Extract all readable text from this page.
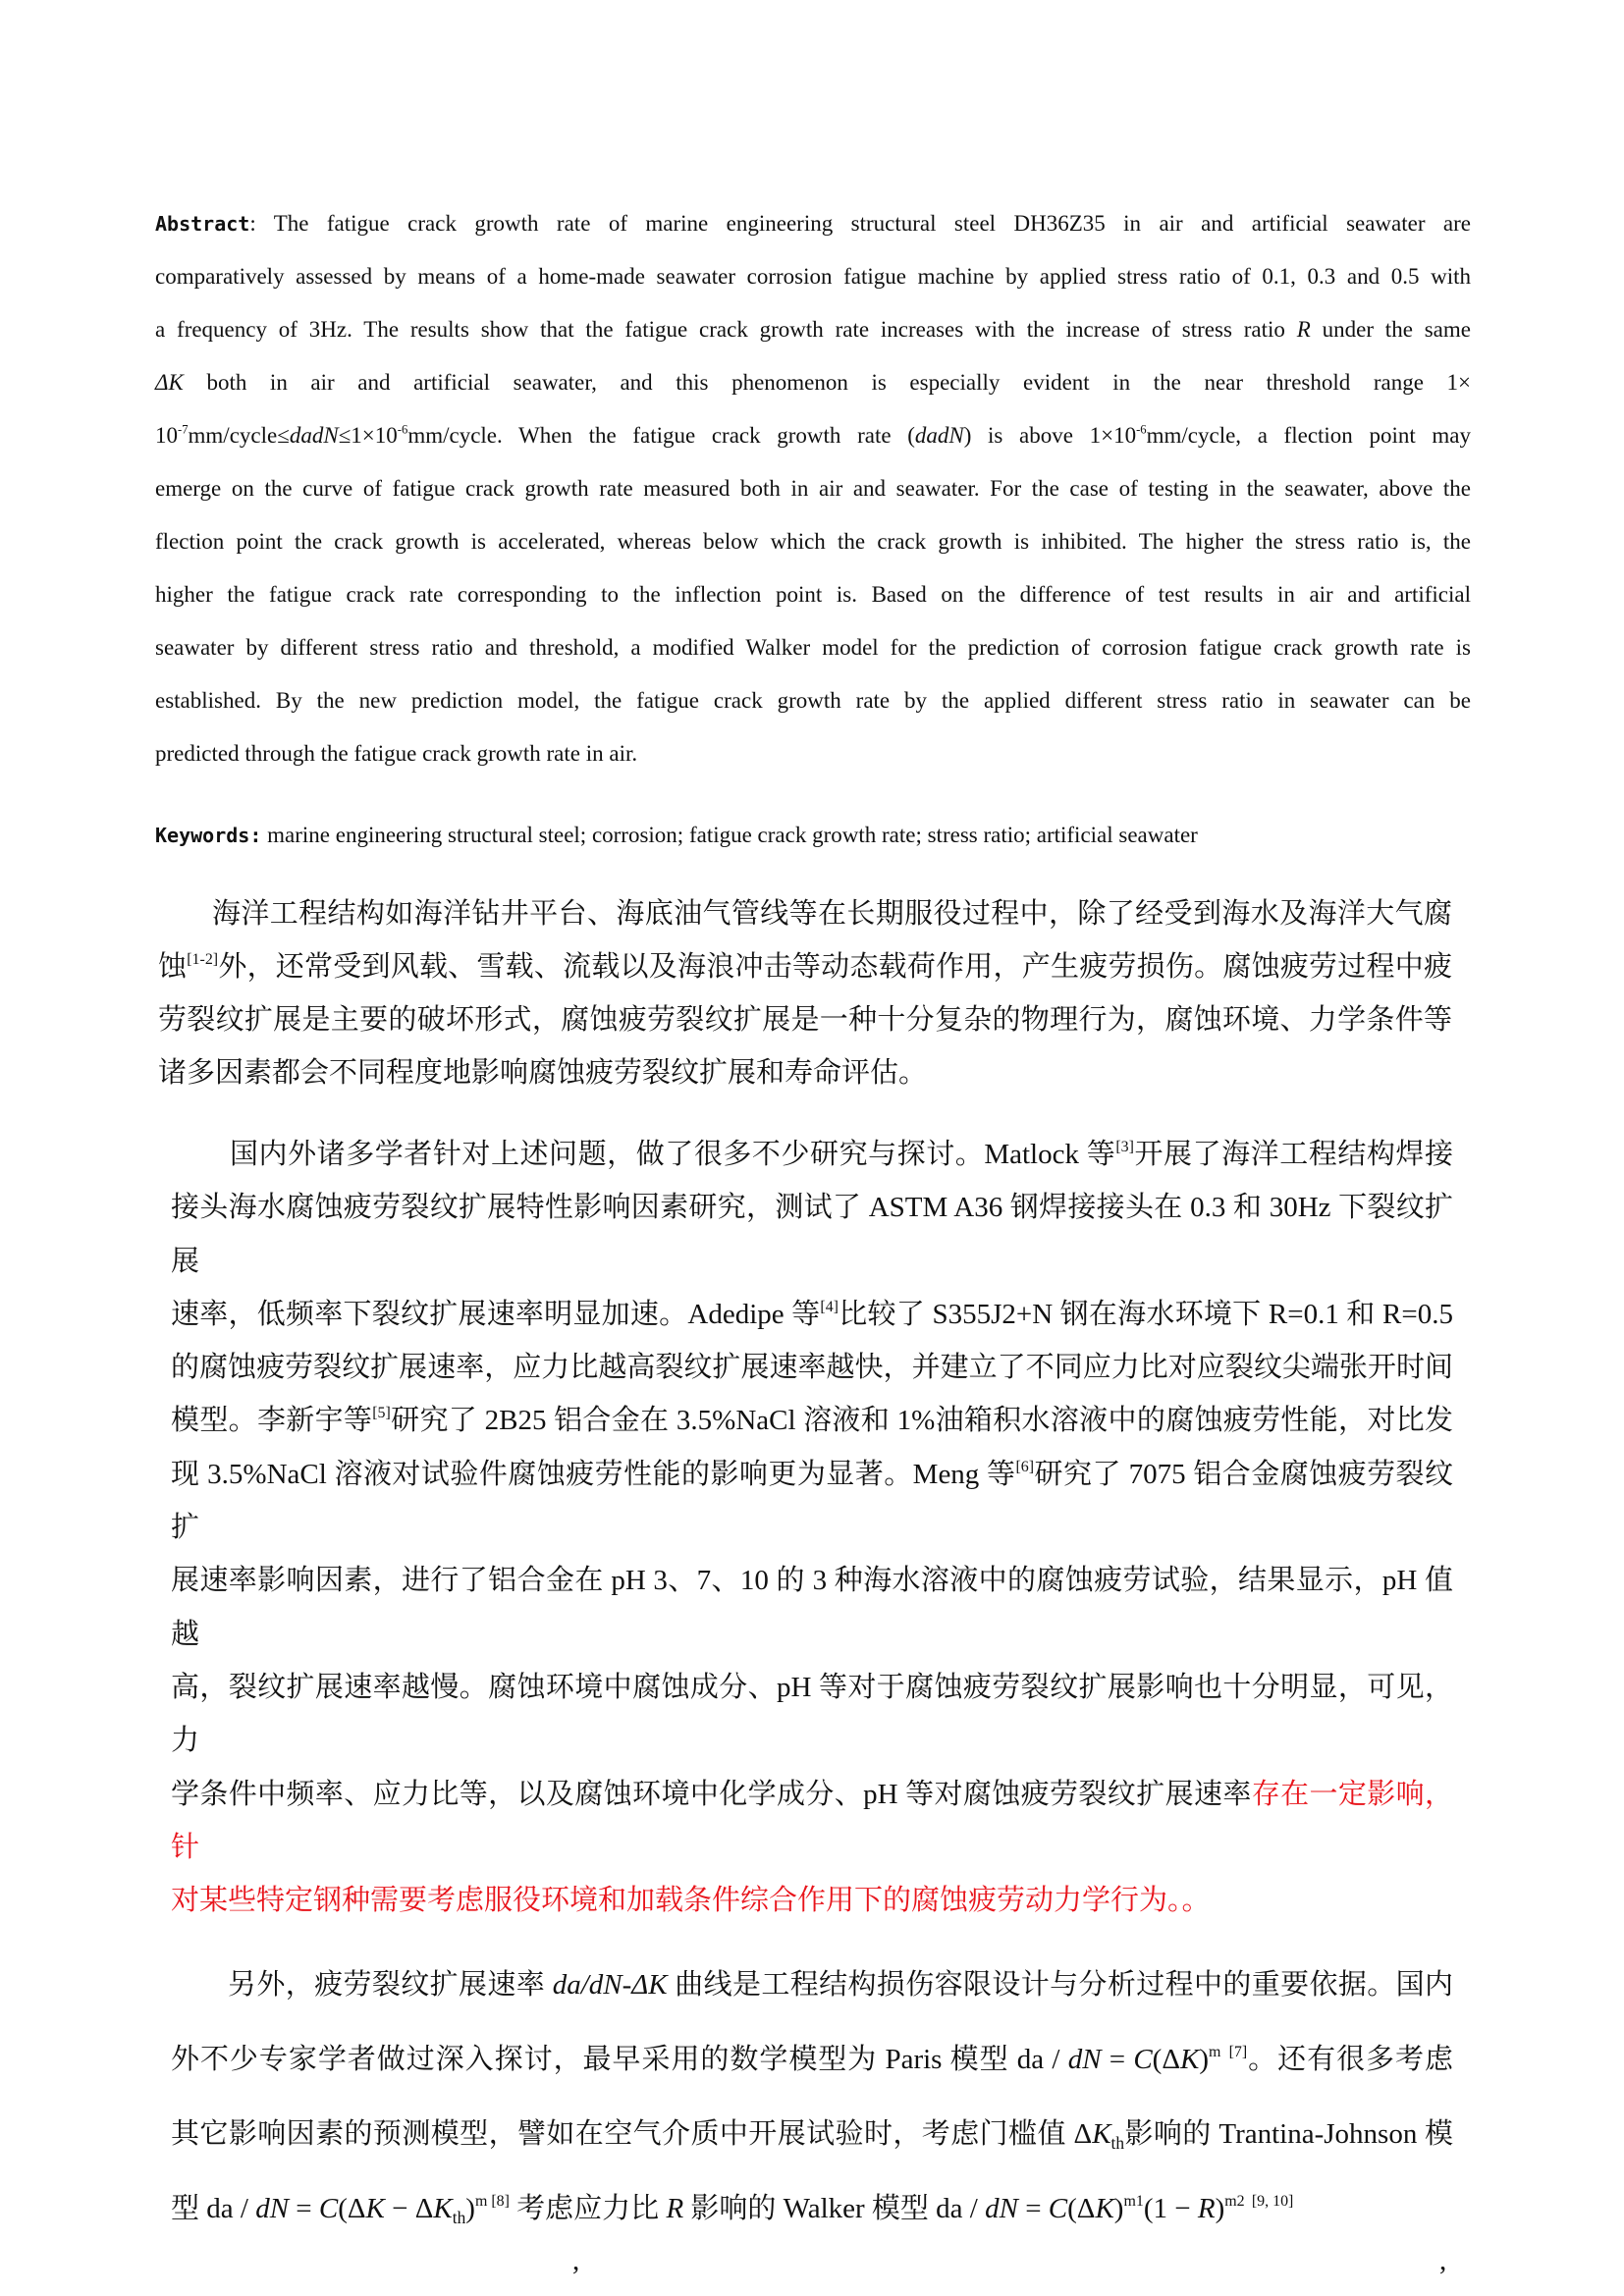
Abstract: The fatigue crack growth rate of marine engineering structural steel DH36Z35 in air and artificial seawater are
comparatively assessed by means of a home-made seawater corrosion fatigue machine by applied stress ratio of 0.1, 0.3 and 0.5 with
a frequency of 3Hz. The results show that the fatigue crack growth rate increases with the increase of stress ratio R under the same
ΔK both in air and artificial seawater, and this phenomenon is especially evident in the near threshold range 1×
$10^{-7}mm/cycle\le dadN\le 1\times 10^{-6}mm$/cycle. When the fatigue crack growth rate (dadN) is above $1\times 10^{-6}mm$/cycle, a flection point may
emerge on the curve of fatigue crack growth rate measured both in air and seawater. For the case of testing in the seawater, above the
flection point the crack growth is accelerated, whereas below which the crack growth is inhibited. The higher the stress ratio is, the
higher the fatigue crack rate corresponding to the inflection point is. Based on the difference of test results in air and artificial
seawater by different stress ratio and threshold, a modified Walker model for the prediction of corrosion fatigue crack growth rate is
established. By the new prediction model, the fatigue crack growth rate by the applied different stress ratio in seawater can be
predicted through the fatigue crack growth rate in air.
Keywords: marine engineering structural steel; corrosion; fatigue crack growth rate; stress ratio; artificial seawater
海洋工程结构如海洋钻井平台、海底油气管线等在长期服役过程中，除了经受到海水及海洋大气腐
蚀[1-2]外，还常受到风载、雪载、流载以及海浪冲击等动态载荷作用，产生疲劳损伤。腐蚀疲劳过程中疲
劳裂纹扩展是主要的破坏形式，腐蚀疲劳裂纹扩展是一种十分复杂的物理行为，腐蚀环境、力学条件等
诸多因素都会不同程度地影响腐蚀疲劳裂纹扩展和寿命评估。
国内外诸多学者针对上述问题，做了很多不少研究与探讨。Matlock 等[3]开展了海洋工程结构焊接
接头海水腐蚀疲劳裂纹扩展特性影响因素研究，测试了 ASTM A36 钢焊接接头在 0.3 和 30Hz 下裂纹扩展
速率，低频率下裂纹扩展速率明显加速。Adedipe 等[4]比较了 S355J2+N 钢在海水环境下 R=0.1 和 R=0.5
的腐蚀疲劳裂纹扩展速率，应力比越高裂纹扩展速率越快，并建立了不同应力比对应裂纹尖端张开时间
模型。李新宇等[5]研究了 2B25 铝合金在 3.5%NaCl 溶液和 1%油箱积水溶液中的腐蚀疲劳性能，对比发
现 3.5%NaCl 溶液对试验件腐蚀疲劳性能的影响更为显著。Meng 等[6]研究了 7075 铝合金腐蚀疲劳裂纹扩
展速率影响因素，进行了铝合金在 pH 3、7、10 的 3 种海水溶液中的腐蚀疲劳试验，结果显示，pH 值越
高，裂纹扩展速率越慢。腐蚀环境中腐蚀成分、pH 等对于腐蚀疲劳裂纹扩展影响也十分明显，可见，力
学条件中频率、应力比等，以及腐蚀环境中化学成分、pH 等对腐蚀疲劳裂纹扩展速率存在一定影响，针
对某些特定钢种需要考虑服役环境和加载条件综合作用下的腐蚀疲劳动力学行为。。
另外，疲劳裂纹扩展速率 da/dN-ΔK 曲线是工程结构损伤容限设计与分析过程中的重要依据。国内
外不少专家学者做过深入探讨，最早采用的数学模型为 Paris 模型 da / dN = $C(\Delta K)^m$ [7]。还有很多考虑
其它影响因素的预测模型，譬如在空气介质中开展试验时，考虑门槛值 $\Delta K_{th}$影响的 Trantina-Johnson 模
型 da / dN = $C(\Delta K - \Delta K_{th})^{m [8]}$ 考虑应力比 R 影响的 Walker 模型 da / dN = $C(\Delta K)^{m1}(1 - R)^{m2}$ [9, 10]
,	,
